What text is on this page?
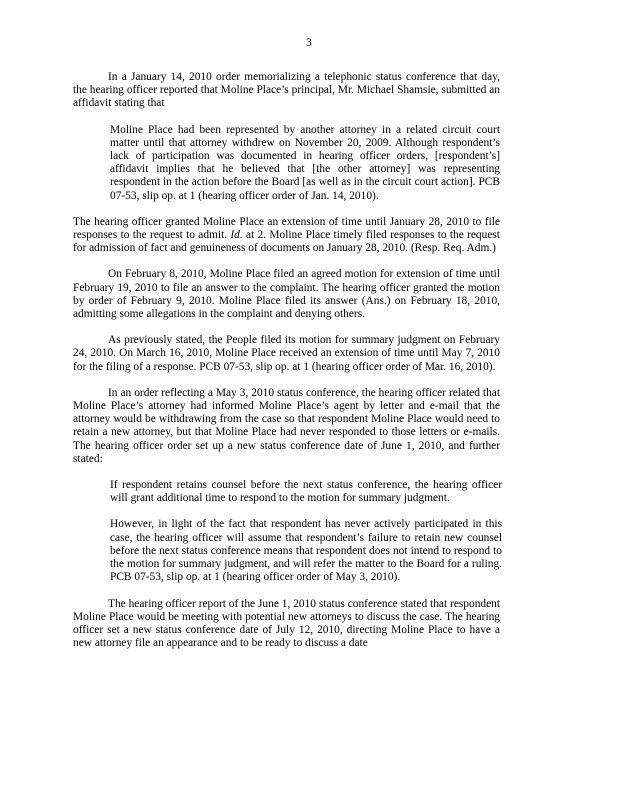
3

In a January 14, 2010 order memorializing a telephonic status conference that day, the hearing officer reported that Moline Place’s principal, Mr. Michael Shamsie, submitted an affidavit stating that

Moline Place had been represented by another attorney in a related circuit court matter until that attorney withdrew on November 20, 2009. Although respondent’s lack of participation was documented in hearing officer orders, [respondent’s] affidavit implies that he believed that [the other attorney] was representing respondent in the action before the Board [as well as in the circuit court action]. PCB 07-53, slip op. at 1 (hearing officer order of Jan. 14, 2010).

The hearing officer granted Moline Place an extension of time until January 28, 2010 to file responses to the request to admit. Id. at 2. Moline Place timely filed responses to the request for admission of fact and genuineness of documents on January 28, 2010. (Resp. Req. Adm.)

On February 8, 2010, Moline Place filed an agreed motion for extension of time until February 19, 2010 to file an answer to the complaint. The hearing officer granted the motion by order of February 9, 2010. Moline Place filed its answer (Ans.) on February 18, 2010, admitting some allegations in the complaint and denying others.

As previously stated, the People filed its motion for summary judgment on February 24, 2010. On March 16, 2010, Moline Place received an extension of time until May 7, 2010 for the filing of a response. PCB 07-53, slip op. at 1 (hearing officer order of Mar. 16, 2010).

In an order reflecting a May 3, 2010 status conference, the hearing officer related that Moline Place’s attorney had informed Moline Place’s agent by letter and e-mail that the attorney would be withdrawing from the case so that respondent Moline Place would need to retain a new attorney, but that Moline Place had never responded to those letters or e-mails. The hearing officer order set up a new status conference date of June 1, 2010, and further stated:

If respondent retains counsel before the next status conference, the hearing officer will grant additional time to respond to the motion for summary judgment.

However, in light of the fact that respondent has never actively participated in this case, the hearing officer will assume that respondent’s failure to retain new counsel before the next status conference means that respondent does not intend to respond to the motion for summary judgment, and will refer the matter to the Board for a ruling. PCB 07-53, slip op. at 1 (hearing officer order of May 3, 2010).

The hearing officer report of the June 1, 2010 status conference stated that respondent Moline Place would be meeting with potential new attorneys to discuss the case. The hearing officer set a new status conference date of July 12, 2010, directing Moline Place to have a new attorney file an appearance and to be ready to discuss a date
